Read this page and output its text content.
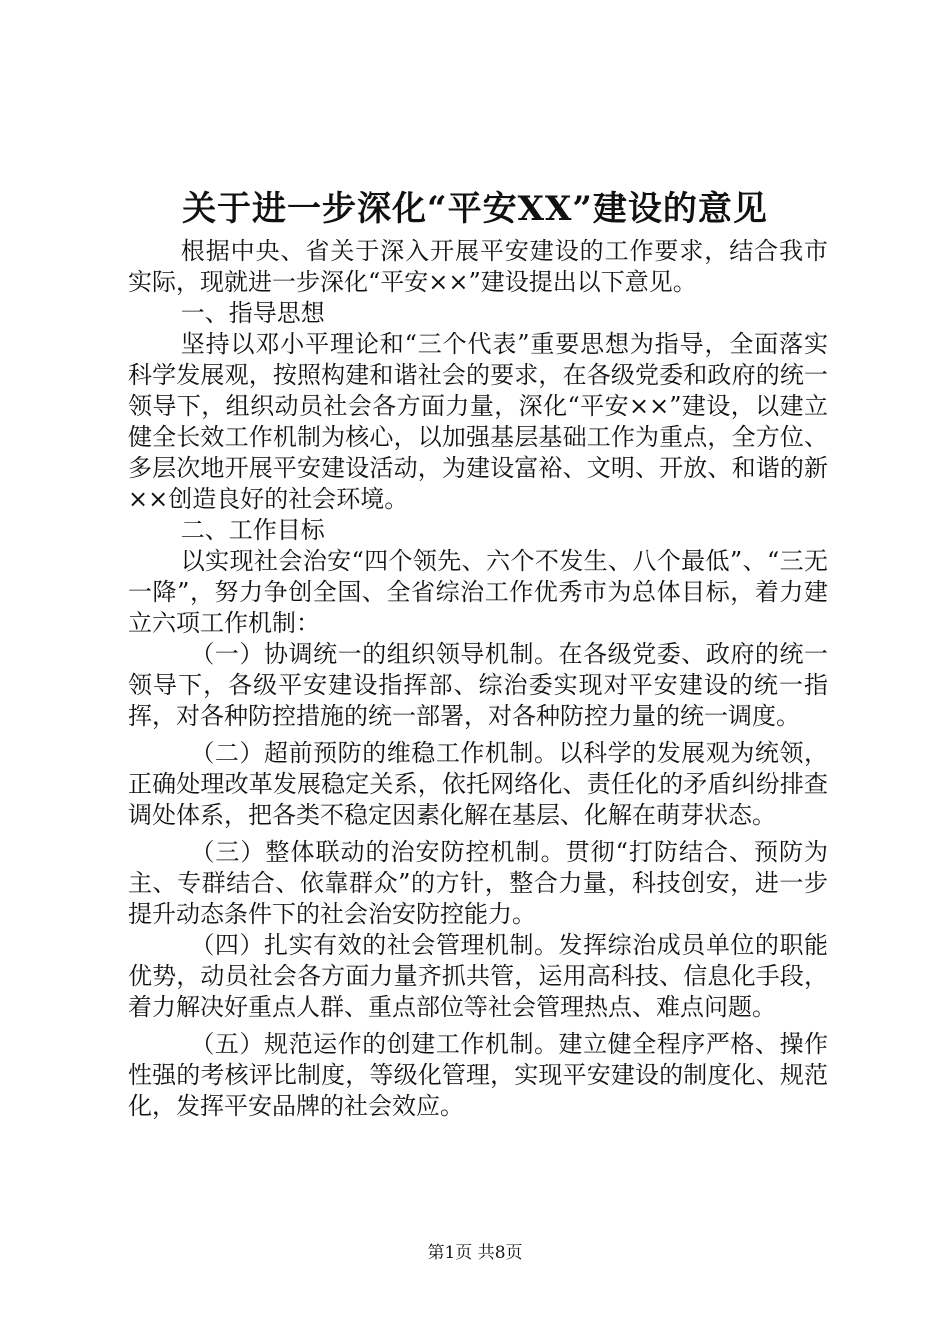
关于进一步深化“平安XX”建设的意见

根据中央、省关于深入开展平安建设的工作要求，结合我市实际，现就进一步深化“平安××”建设提出以下意见。

一、指导思想

坚持以邓小平理论和“三个代表”重要思想为指导，全面落实科学发展观，按照构建和谐社会的要求，在各级党委和政府的统一领导下，组织动员社会各方面力量，深化“平安××”建设，以建立健全长效工作机制为核心，以加强基层基础工作为重点，全方位、多层次地开展平安建设活动，为建设富裕、文明、开放、和谐的新××创造良好的社会环境。

二、工作目标

以实现社会治安“四个领先、六个不发生、八个最低”、“三无一降”，努力争创全国、全省综治工作优秀市为总体目标，着力建立六项工作机制：

（一）协调统一的组织领导机制。在各级党委、政府的统一领导下，各级平安建设指挥部、综治委实现对平安建设的统一指挥，对各种防控措施的统一部署，对各种防控力量的统一调度。

（二）超前预防的维稳工作机制。以科学的发展观为统领，正确处理改革发展稳定关系，依托网络化、责任化的矛盾纠纷排查调处体系，把各类不稳定因素化解在基层、化解在萌芽状态。

（三）整体联动的治安防控机制。贯彻“打防结合、预防为主、专群结合、依靠群众”的方针，整合力量，科技创安，进一步提升动态条件下的社会治安防控能力。

（四）扎实有效的社会管理机制。发挥综治成员单位的职能优势，动员社会各方面力量齐抓共管，运用高科技、信息化手段，着力解决好重点人群、重点部位等社会管理热点、难点问题。

（五）规范运作的创建工作机制。建立健全程序严格、操作性强的考核评比制度，等级化管理，实现平安建设的制度化、规范化，发挥平安品牌的社会效应。

第1页 共8页
